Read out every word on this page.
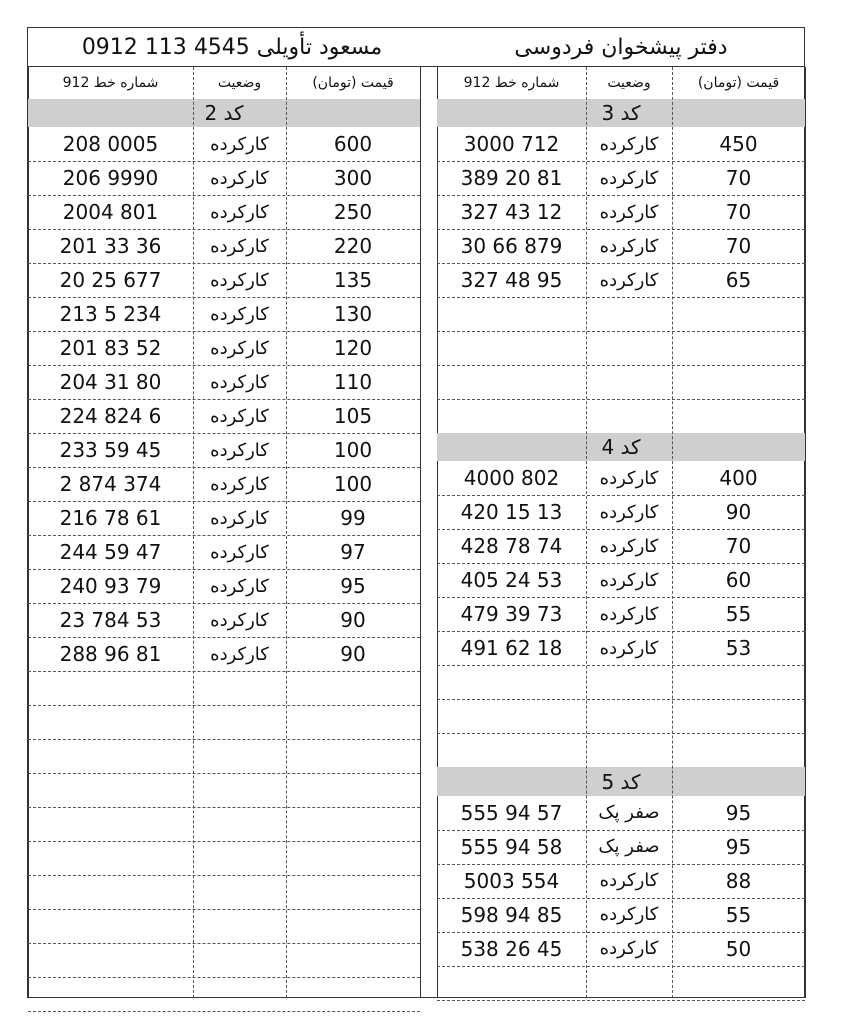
دفتر پیشخوان فردوسی
مسعود تأویلی 4545 113 0912
قیمت (تومان)
وضعیت
شماره خط 912
کد 3
450
کارکرده
3000 712
70
کارکرده
389 20 81
70
کارکرده
327 43 12
70
کارکرده
30 66 879
65
کارکرده
327 48 95
کد 4
400
کارکرده
4000 802
90
کارکرده
420 15 13
70
کارکرده
428 78 74
60
کارکرده
405 24 53
55
کارکرده
479 39 73
53
کارکرده
491 62 18
کد 5
95
صفر پک
555 94 57
95
صفر پک
555 94 58
88
کارکرده
5003 554
55
کارکرده
598 94 85
50
کارکرده
538 26 45
قیمت (تومان)
وضعیت
شماره خط 912
کد 2
600
کارکرده
208 0005
300
کارکرده
206 9990
250
کارکرده
2004 801
220
کارکرده
201 33 36
135
کارکرده
20 25 677
130
کارکرده
213 5 234
120
کارکرده
201 83 52
110
کارکرده
204 31 80
105
کارکرده
224 824 6
100
کارکرده
233 59 45
100
کارکرده
2 874 374
99
کارکرده
216 78 61
97
کارکرده
244 59 47
95
کارکرده
240 93 79
90
کارکرده
23 784 53
90
کارکرده
288 96 81
